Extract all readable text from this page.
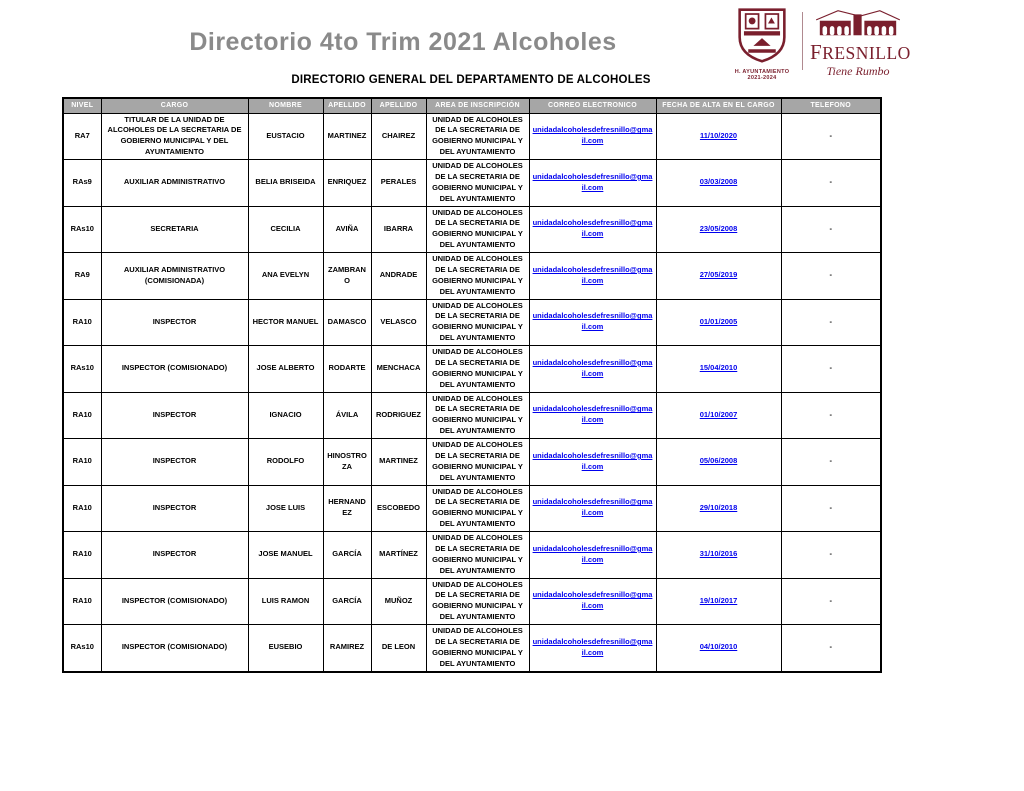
Directorio 4to Trim 2021 Alcoholes
H. AYUNTAMIENTO
2021-2024
FRESNILLO
Tiene Rumbo
DIRECTORIO GENERAL DEL DEPARTAMENTO DE ALCOHOLES
NIVEL	CARGO	NOMBRE	APELLIDO	APELLIDO	AREA DE INSCRIPCIÓN	CORREO ELECTRONICO	FECHA DE ALTA EN EL CARGO	TELEFONO
RA7	TITULAR DE LA UNIDAD DE ALCOHOLES DE LA SECRETARIA DE GOBIERNO MUNICIPAL Y DEL AYUNTAMIENTO	EUSTACIO	MARTINEZ	CHAIREZ	UNIDAD DE ALCOHOLES DE LA SECRETARIA DE GOBIERNO MUNICIPAL Y DEL AYUNTAMIENTO	unidadalcoholesdefresnillo@gmail.com	11/10/2020	-
RAs9	AUXILIAR ADMINISTRATIVO	BELIA BRISEIDA	ENRIQUEZ	PERALES	UNIDAD DE ALCOHOLES DE LA SECRETARIA DE GOBIERNO MUNICIPAL Y DEL AYUNTAMIENTO	unidadalcoholesdefresnillo@gmail.com	03/03/2008	-
RAs10	SECRETARIA	CECILIA	AVIÑA	IBARRA	UNIDAD DE ALCOHOLES DE LA SECRETARIA DE GOBIERNO MUNICIPAL Y DEL AYUNTAMIENTO	unidadalcoholesdefresnillo@gmail.com	23/05/2008	-
RA9	AUXILIAR ADMINISTRATIVO (COMISIONADA)	ANA EVELYN	ZAMBRANO	ANDRADE	UNIDAD DE ALCOHOLES DE LA SECRETARIA DE GOBIERNO MUNICIPAL Y DEL AYUNTAMIENTO	unidadalcoholesdefresnillo@gmail.com	27/05/2019	-
RA10	INSPECTOR	HECTOR MANUEL	DAMASCO	VELASCO	UNIDAD DE ALCOHOLES DE LA SECRETARIA DE GOBIERNO MUNICIPAL Y DEL AYUNTAMIENTO	unidadalcoholesdefresnillo@gmail.com	01/01/2005	-
RAs10	INSPECTOR (COMISIONADO)	JOSE ALBERTO	RODARTE	MENCHACA	UNIDAD DE ALCOHOLES DE LA SECRETARIA DE GOBIERNO MUNICIPAL Y DEL AYUNTAMIENTO	unidadalcoholesdefresnillo@gmail.com	15/04/2010	-
RA10	INSPECTOR	IGNACIO	ÁVILA	RODRIGUEZ	UNIDAD DE ALCOHOLES DE LA SECRETARIA DE GOBIERNO MUNICIPAL Y DEL AYUNTAMIENTO	unidadalcoholesdefresnillo@gmail.com	01/10/2007	-
RA10	INSPECTOR	RODOLFO	HINOSTROZA	MARTINEZ	UNIDAD DE ALCOHOLES DE LA SECRETARIA DE GOBIERNO MUNICIPAL Y DEL AYUNTAMIENTO	unidadalcoholesdefresnillo@gmail.com	05/06/2008	-
RA10	INSPECTOR	JOSE LUIS	HERNANDEZ	ESCOBEDO	UNIDAD DE ALCOHOLES DE LA SECRETARIA DE GOBIERNO MUNICIPAL Y DEL AYUNTAMIENTO	unidadalcoholesdefresnillo@gmail.com	29/10/2018	-
RA10	INSPECTOR	JOSE MANUEL	GARCÍA	MARTÍNEZ	UNIDAD DE ALCOHOLES DE LA SECRETARIA DE GOBIERNO MUNICIPAL Y DEL AYUNTAMIENTO	unidadalcoholesdefresnillo@gmail.com	31/10/2016	-
RA10	INSPECTOR (COMISIONADO)	LUIS RAMON	GARCÍA	MUÑOZ	UNIDAD DE ALCOHOLES DE LA SECRETARIA DE GOBIERNO MUNICIPAL Y DEL AYUNTAMIENTO	unidadalcoholesdefresnillo@gmail.com	19/10/2017	-
RAs10	INSPECTOR (COMISIONADO)	EUSEBIO	RAMIREZ	DE LEON	UNIDAD DE ALCOHOLES DE LA SECRETARIA DE GOBIERNO MUNICIPAL Y DEL AYUNTAMIENTO	unidadalcoholesdefresnillo@gmail.com	04/10/2010	-
